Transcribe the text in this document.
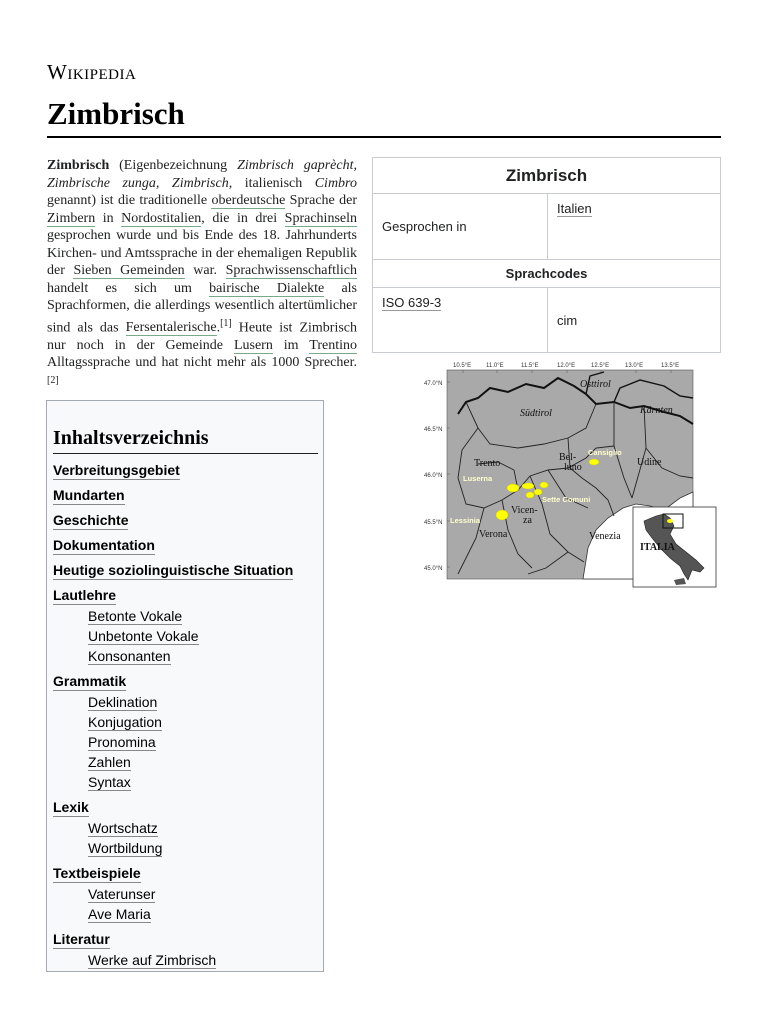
Wikipedia
Zimbrisch
Zimbrisch (Eigenbezeichnung Zimbrisch gaprècht, Zimbrische zunga, Zimbrisch, italienisch Cimbro genannt) ist die traditionelle oberdeutsche Sprache der Zimbern in Nordostitalien, die in drei Sprachinseln gesprochen wurde und bis Ende des 18. Jahrhunderts Kirchen- und Amtssprache in der ehemaligen Republik der Sieben Gemeinden war. Sprachwissenschaftlich handelt es sich um bairische Dialekte als Sprachformen, die allerdings wesentlich altertümlicher sind als das Fersentalerische.[1] Heute ist Zimbrisch nur noch in der Gemeinde Lusern im Trentino Alltagssprache und hat nicht mehr als 1000 Sprecher.[2]
Zimbrisch	
Gesprochen in	Italien
Sprachcodes	
ISO 639-3	cim
Inhaltsverzeichnis
Verbreitungsgebiet
Mundarten
Geschichte
Dokumentation
Heutige soziolinguistische Situation
Lautlehre
Betonte Vokale
Unbetonte Vokale
Konsonanten
Grammatik
Deklination
Konjugation
Pronomina
Zahlen
Syntax
Lexik
Wortschatz
Wortbildung
Textbeispiele
Vaterunser
Ave Maria
Literatur
Werke auf Zimbrisch
10.5°E 11.0°E	11.5°E	12.0°E	12.5°E	13.0°E	13.5°E
47.0°N
46.5°N
46.0°N
45.5°N
45.0°N
Osttirol
Südtirol	Kärnten
Trento
Bel-
luno	Udine
Vicen-
za
Verona	Venezia
Cansiglio
Luserna
Sette Comuni
Lessinia
ITALIA
